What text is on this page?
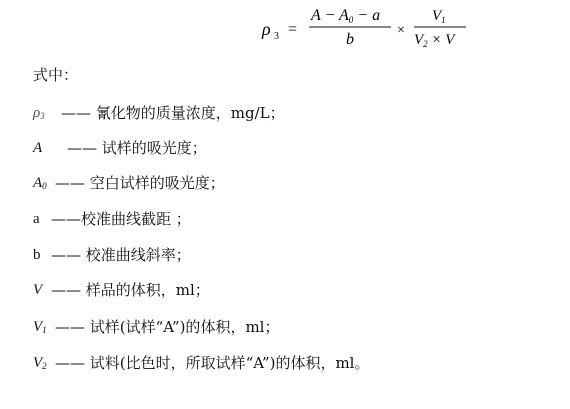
ρ 3 =
A − A0 − a
b
×
$V_1$
$V_2 \times V$
式中：
$\rho_3$ —— 氰化物的质量浓度，mg/L；
A —— 试样的吸光度；
$A_0$ —— 空白试样的吸光度；
a ——校准曲线截距 ；
b —— 校准曲线斜率；
V —— 样品的体积，ml；
$V_1$ —— 试样(试样“A”)的体积，ml；
$V_2$ —— 试料(比色时，所取试样“A”)的体积，ml。
